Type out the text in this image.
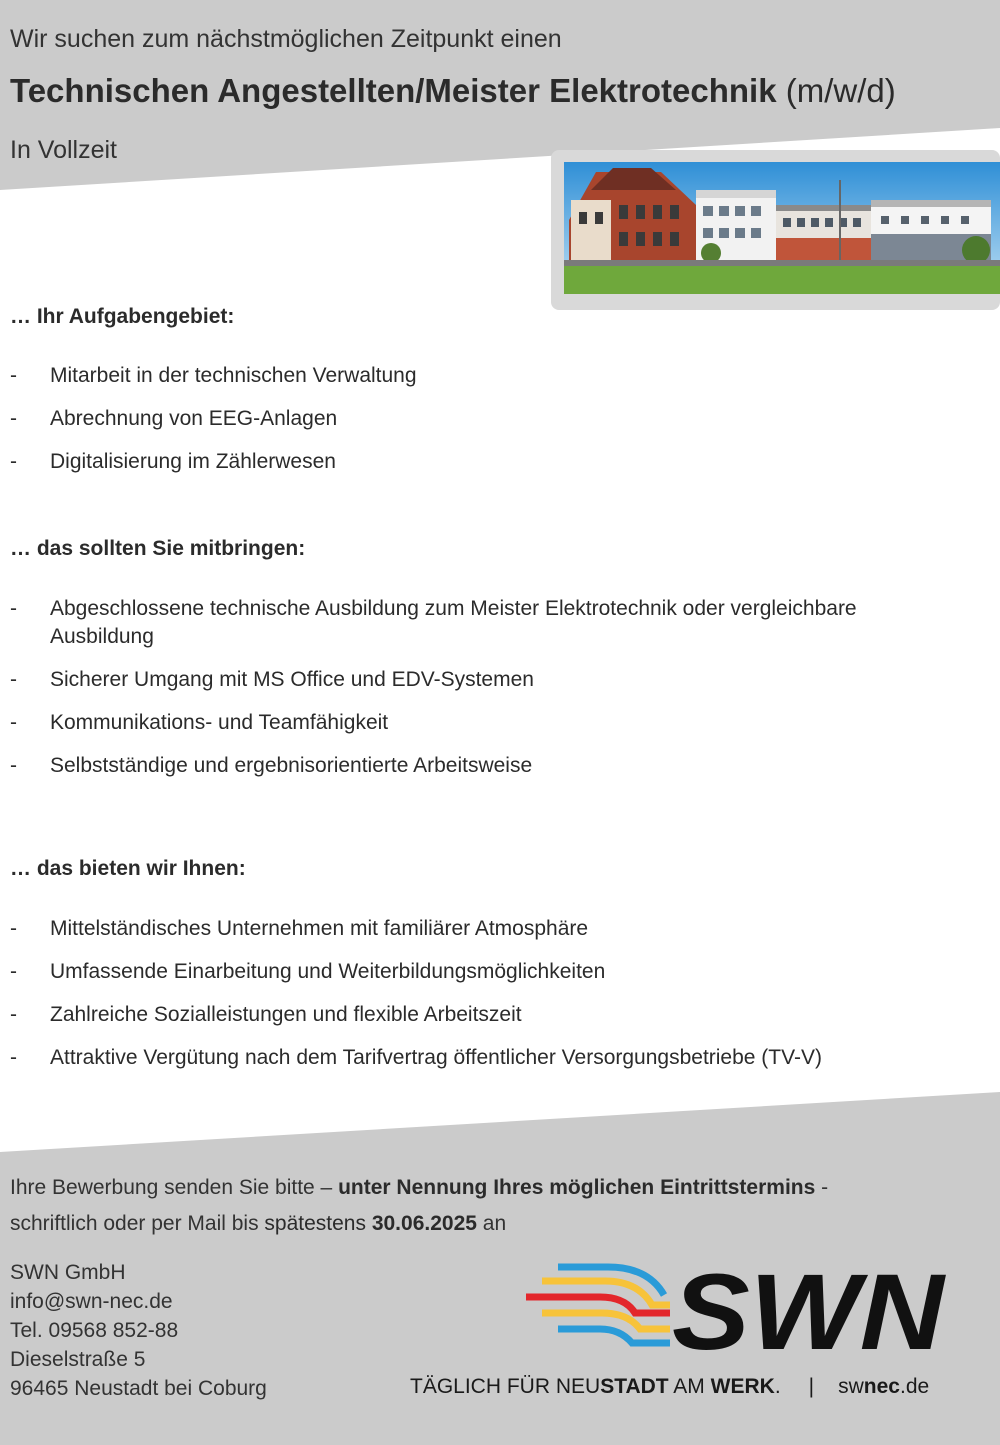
Wir suchen zum nächstmöglichen Zeitpunkt einen
Technischen Angestellten/Meister Elektrotechnik (m/w/d)
In Vollzeit
… Ihr Aufgabengebiet:
- Mitarbeit in der technischen Verwaltung
- Abrechnung von EEG-Anlagen
- Digitalisierung im Zählerwesen
… das sollten Sie mitbringen:
- Abgeschlossene technische Ausbildung zum Meister Elektrotechnik oder vergleichbare Ausbildung
- Sicherer Umgang mit MS Office und EDV-Systemen
- Kommunikations- und Teamfähigkeit
- Selbstständige und ergebnisorientierte Arbeitsweise
… das bieten wir Ihnen:
- Mittelständisches Unternehmen mit familiärer Atmosphäre
- Umfassende Einarbeitung und Weiterbildungsmöglichkeiten
- Zahlreiche Sozialleistungen und flexible Arbeitszeit
- Attraktive Vergütung nach dem Tarifvertrag öffentlicher Versorgungsbetriebe (TV-V)
Ihre Bewerbung senden Sie bitte – unter Nennung Ihres möglichen Eintrittstermins -
schriftlich oder per Mail bis spätestens 30.06.2025 an
SWN GmbH
info@swn-nec.de
Tel. 09568 852-88
Dieselstraße 5
96465 Neustadt bei Coburg
SWN
TÄGLICH FÜR NEUSTADT AM WERK. | swnec.de
